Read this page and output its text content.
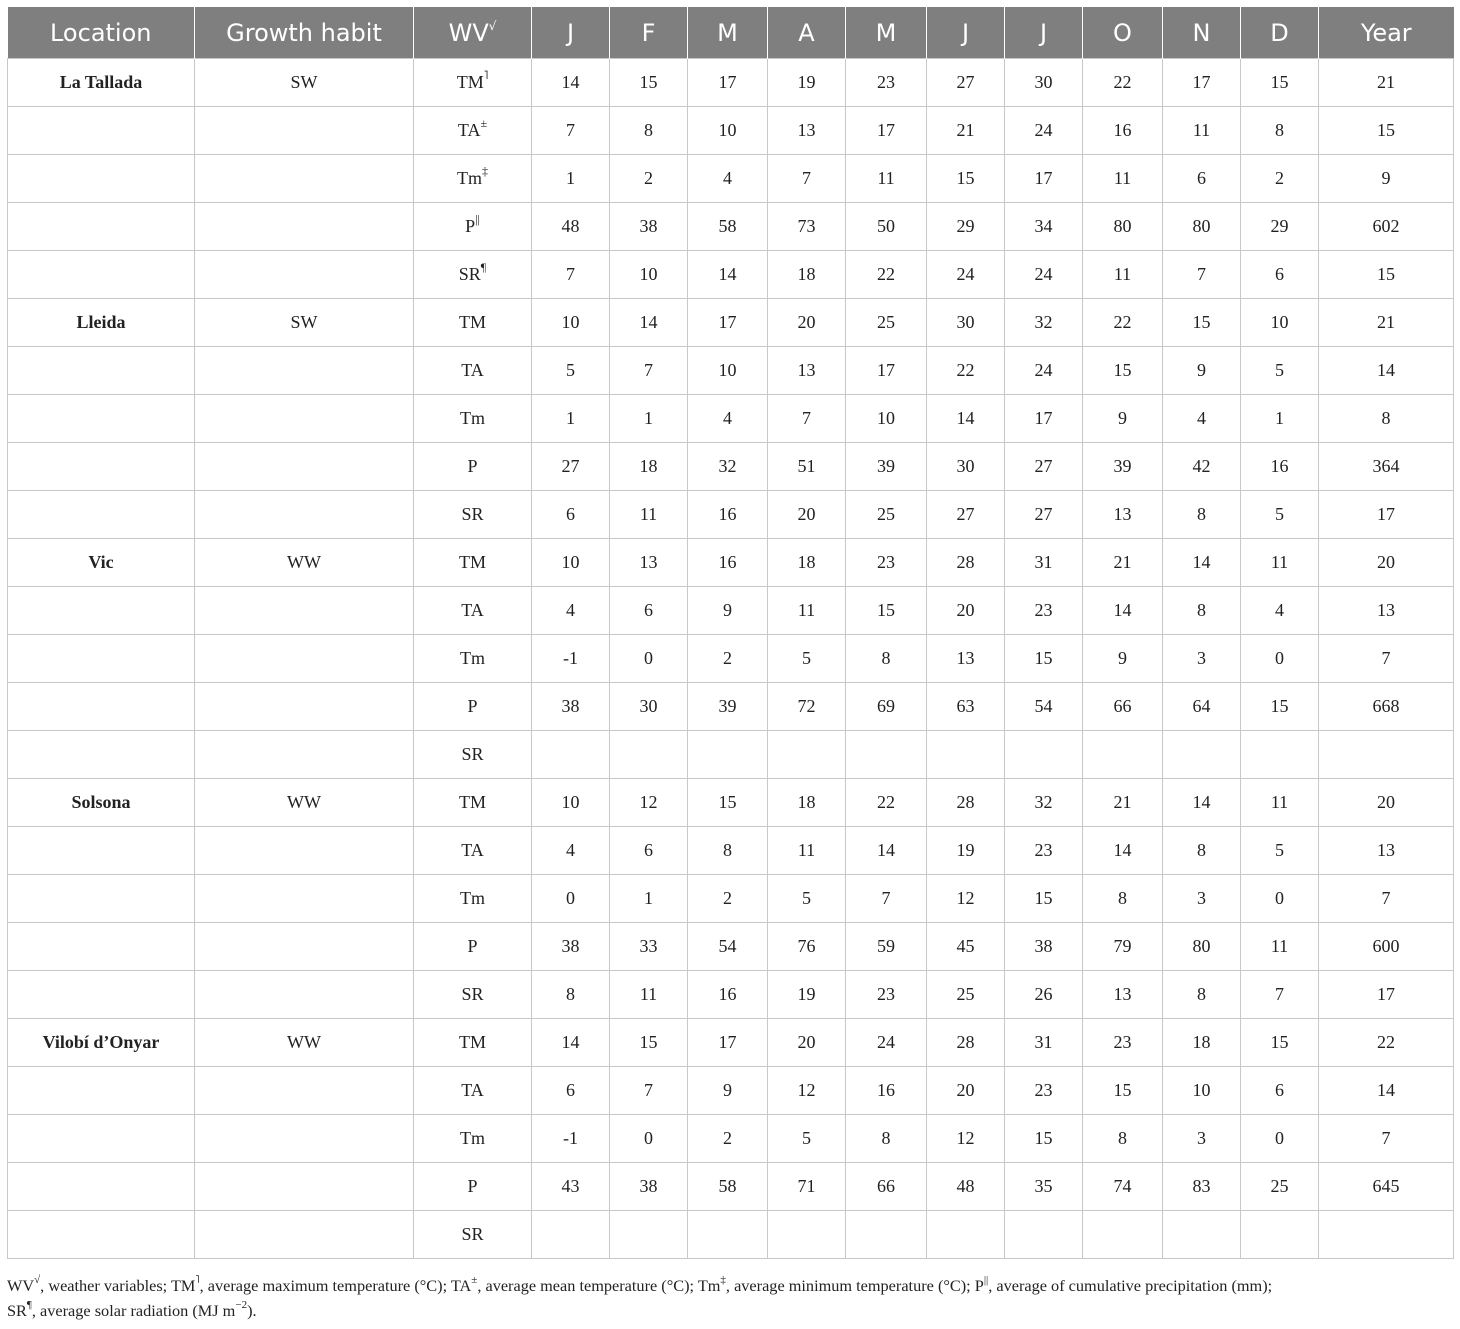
Location	Growth habit	WV√	J	F	M	A	M	J	J	O	N	D	Year
La Tallada	SW	TM˥	14	15	17	19	23	27	30	22	17	15	21
		TA±	7	8	10	13	17	21	24	16	11	8	15
		Tm‡	1	2	4	7	11	15	17	11	6	2	9
		P||	48	38	58	73	50	29	34	80	80	29	602
		SR¶	7	10	14	18	22	24	24	11	7	6	15
Lleida	SW	TM	10	14	17	20	25	30	32	22	15	10	21
		TA	5	7	10	13	17	22	24	15	9	5	14
		Tm	1	1	4	7	10	14	17	9	4	1	8
		P	27	18	32	51	39	30	27	39	42	16	364
		SR	6	11	16	20	25	27	27	13	8	5	17
Vic	WW	TM	10	13	16	18	23	28	31	21	14	11	20
		TA	4	6	9	11	15	20	23	14	8	4	13
		Tm	-1	0	2	5	8	13	15	9	3	0	7
		P	38	30	39	72	69	63	54	66	64	15	668
		SR											
Solsona	WW	TM	10	12	15	18	22	28	32	21	14	11	20
		TA	4	6	8	11	14	19	23	14	8	5	13
		Tm	0	1	2	5	7	12	15	8	3	0	7
		P	38	33	54	76	59	45	38	79	80	11	600
		SR	8	11	16	19	23	25	26	13	8	7	17
Vilobí d’Onyar	WW	TM	14	15	17	20	24	28	31	23	18	15	22
		TA	6	7	9	12	16	20	23	15	10	6	14
		Tm	-1	0	2	5	8	12	15	8	3	0	7
		P	43	38	58	71	66	48	35	74	83	25	645
		SR											
WV√, weather variables; TM˥, average maximum temperature (°C); TA±, average mean temperature (°C); Tm‡, average minimum temperature (°C); P||, average of cumulative precipitation (mm);
SR¶, average solar radiation (MJ $m^{-2}$).
